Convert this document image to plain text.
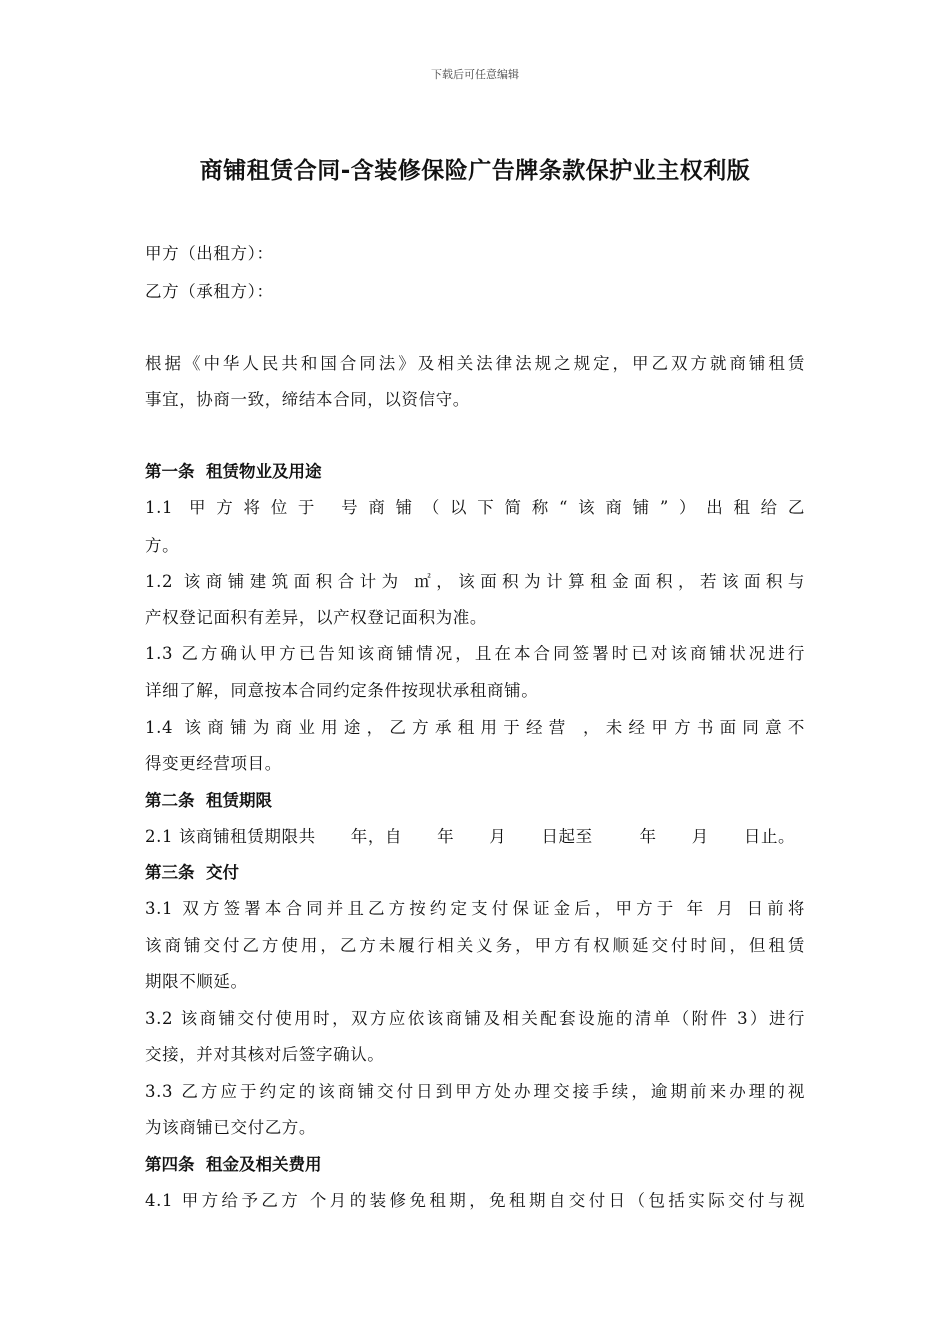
下载后可任意编辑
商铺租赁合同-含装修保险广告牌条款保护业主权利版
甲方（出租方）：
乙方（承租方）：
根据《中华人民共和国合同法》及相关法律法规之规定，甲乙双方就商铺租赁
事宜，协商一致，缔结本合同，以资信守。
第一条  租赁物业及用途
1.1 甲方将位于 号商铺（以下简称“该商铺”）出租给乙
方。
1.2 该商铺建筑面积合计为 ㎡，该面积为计算租金面积，若该面积与
产权登记面积有差异，以产权登记面积为准。
1.3 乙方确认甲方已告知该商铺情况，且在本合同签署时已对该商铺状况进行
详细了解，同意按本合同约定条件按现状承租商铺。
1.4 该商铺为商业用途，乙方承租用于经营 ，未经甲方书面同意不
得变更经营项目。
第二条  租赁期限
2.1 该商铺租赁期限共      年，自      年      月      日起至        年      月      日止。
第三条  交付
3.1 双方签署本合同并且乙方按约定支付保证金后，甲方于 年 月 日前将
该商铺交付乙方使用，乙方未履行相关义务，甲方有权顺延交付时间，但租赁
期限不顺延。
3.2 该商铺交付使用时，双方应依该商铺及相关配套设施的清单（附件 3）进行
交接，并对其核对后签字确认。
3.3 乙方应于约定的该商铺交付日到甲方处办理交接手续，逾期前来办理的视
为该商铺已交付乙方。
第四条  租金及相关费用
4.1 甲方给予乙方 个月的装修免租期，免租期自交付日（包括实际交付与视
